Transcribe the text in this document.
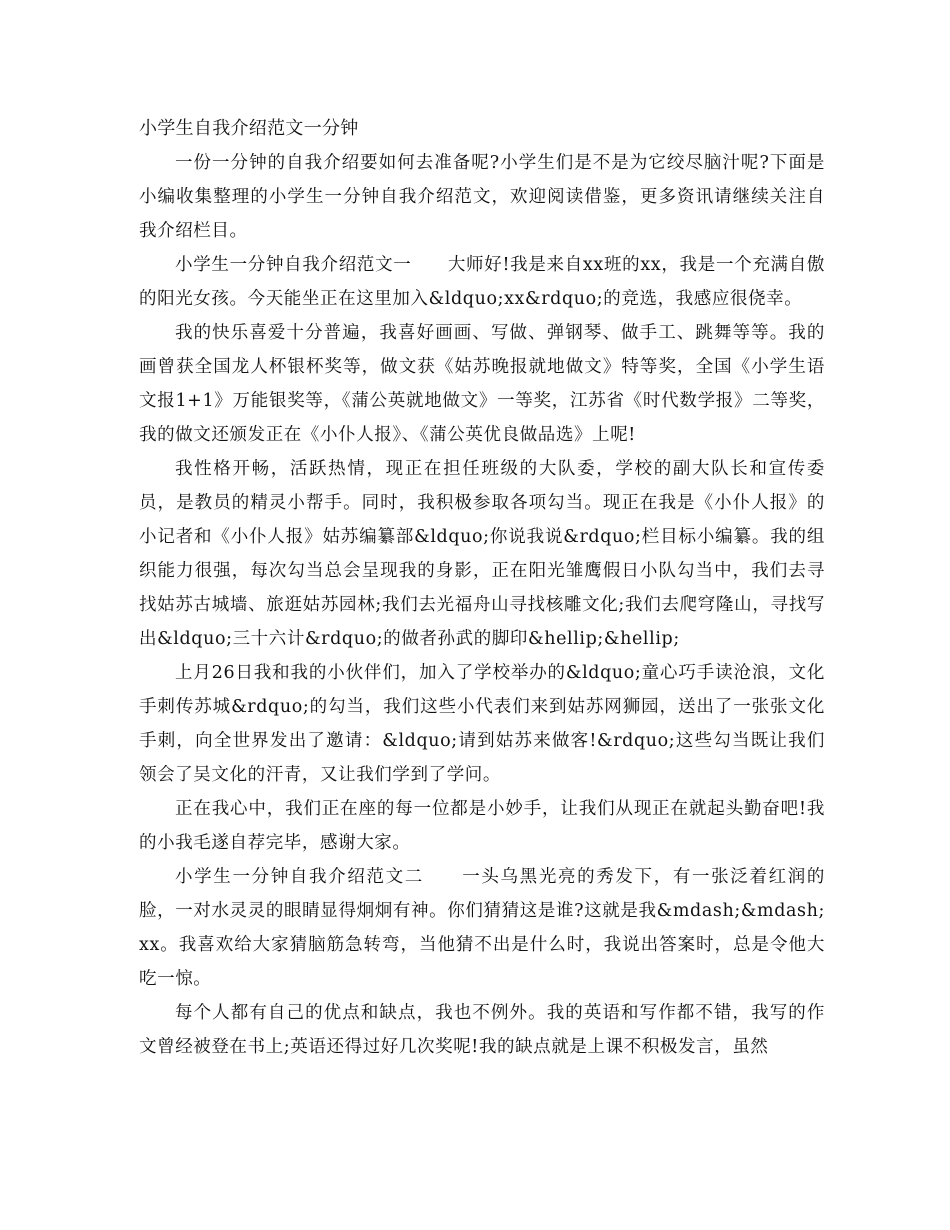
小学生自我介绍范文一分钟

一份一分钟的自我介绍要如何去准备呢?小学生们是不是为它绞尽脑汁呢?下面是小编收集整理的小学生一分钟自我介绍范文，欢迎阅读借鉴，更多资讯请继续关注自我介绍栏目。

小学生一分钟自我介绍范文一　　大师好!我是来自xx班的xx，我是一个充满自傲的阳光女孩。今天能坐正在这里加入&ldquo;xx&rdquo;的竞选，我感应很侥幸。

我的快乐喜爱十分普遍，我喜好画画、写做、弹钢琴、做手工、跳舞等等。我的画曾获全国龙人杯银杯奖等，做文获《姑苏晚报就地做文》特等奖，全国《小学生语文报1+1》万能银奖等，《蒲公英就地做文》一等奖，江苏省《时代数学报》二等奖，我的做文还颁发正在《小仆人报》、《蒲公英优良做品选》上呢!

我性格开畅，活跃热情，现正在担任班级的大队委，学校的副大队长和宣传委员，是教员的精灵小帮手。同时，我积极参取各项勾当。现正在我是《小仆人报》的小记者和《小仆人报》姑苏编纂部&ldquo;你说我说&rdquo;栏目标小编纂。我的组织能力很强，每次勾当总会呈现我的身影，正在阳光雏鹰假日小队勾当中，我们去寻找姑苏古城墙、旅逛姑苏园林;我们去光福舟山寻找核雕文化;我们去爬穹隆山，寻找写出&ldquo;三十六计&rdquo;的做者孙武的脚印&hellip;&hellip;

上月26日我和我的小伙伴们，加入了学校举办的&ldquo;童心巧手读沧浪，文化手刺传苏城&rdquo;的勾当，我们这些小代表们来到姑苏网狮园，送出了一张张文化手刺，向全世界发出了邀请：&ldquo;请到姑苏来做客!&rdquo;这些勾当既让我们领会了吴文化的汗青，又让我们学到了学问。

正在我心中，我们正在座的每一位都是小妙手，让我们从现正在就起头勤奋吧!我的小我毛遂自荐完毕，感谢大家。

小学生一分钟自我介绍范文二　　一头乌黑光亮的秀发下，有一张泛着红润的脸，一对水灵灵的眼睛显得炯炯有神。你们猜猜这是谁?这就是我&mdash;&mdash;xx。我喜欢给大家猜脑筋急转弯，当他猜不出是什么时，我说出答案时，总是令他大吃一惊。

每个人都有自己的优点和缺点，我也不例外。我的英语和写作都不错，我写的作文曾经被登在书上;英语还得过好几次奖呢!我的缺点就是上课不积极发言，虽然
